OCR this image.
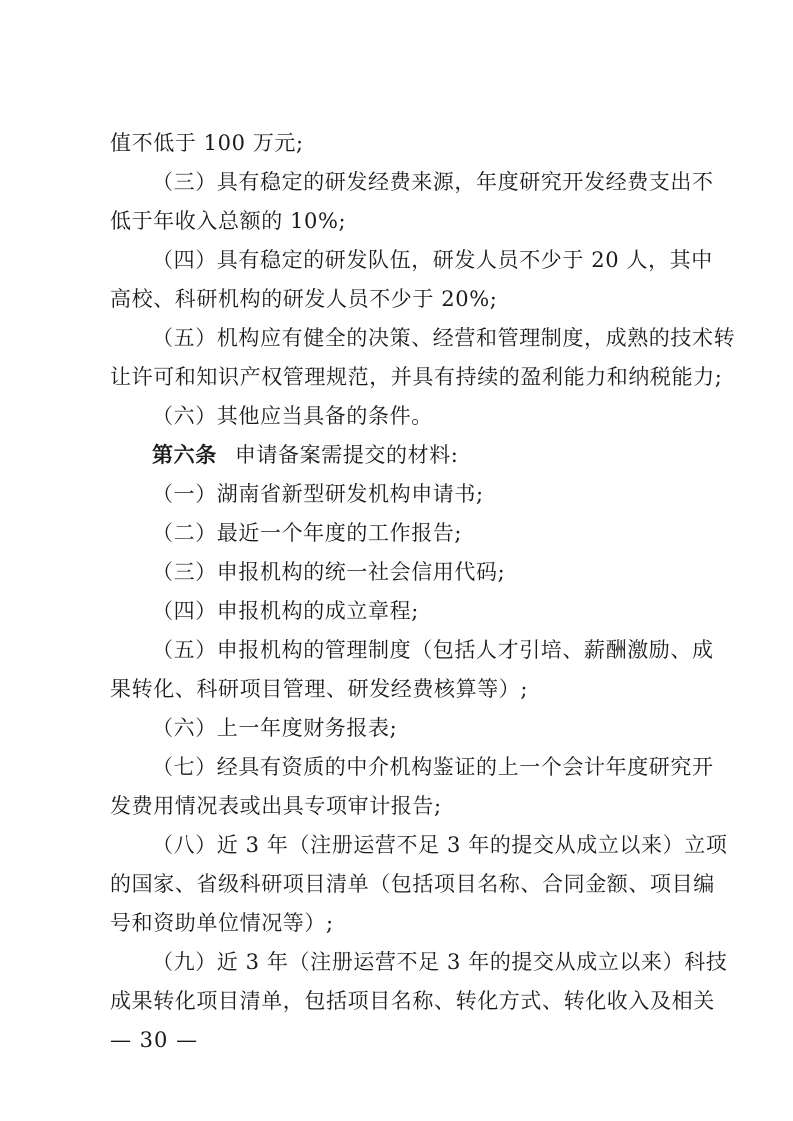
值不低于 100 万元;
（三）具有稳定的研发经费来源，年度研究开发经费支出不
低于年收入总额的 10%;
（四）具有稳定的研发队伍，研发人员不少于 20 人，其中
高校、科研机构的研发人员不少于 20%;
（五）机构应有健全的决策、经营和管理制度，成熟的技术转
让许可和知识产权管理规范，并具有持续的盈利能力和纳税能力;
（六）其他应当具备的条件。
第六条 申请备案需提交的材料:
（一）湖南省新型研发机构申请书;
（二）最近一个年度的工作报告;
（三）申报机构的统一社会信用代码;
（四）申报机构的成立章程;
（五）申报机构的管理制度（包括人才引培、薪酬激励、成
果转化、科研项目管理、研发经费核算等）;
（六）上一年度财务报表;
（七）经具有资质的中介机构鉴证的上一个会计年度研究开
发费用情况表或出具专项审计报告;
（八）近 3 年（注册运营不足 3 年的提交从成立以来）立项
的国家、省级科研项目清单（包括项目名称、合同金额、项目编
号和资助单位情况等）;
（九）近 3 年（注册运营不足 3 年的提交从成立以来）科技
成果转化项目清单，包括项目名称、转化方式、转化收入及相关
— 30 —
